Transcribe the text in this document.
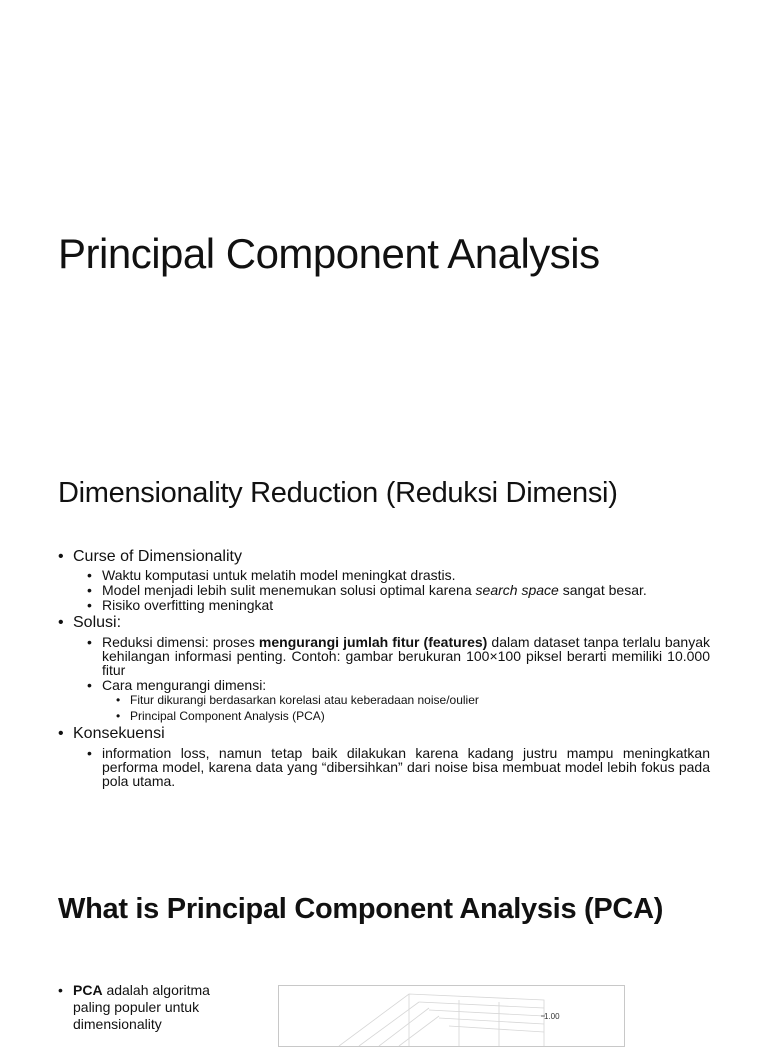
Principal Component Analysis
Dimensionality Reduction (Reduksi Dimensi)
• Curse of Dimensionality
• Waktu komputasi untuk melatih model meningkat drastis.
• Model menjadi lebih sulit menemukan solusi optimal karena search space sangat besar.
• Risiko overfitting meningkat
• Solusi:
• Reduksi dimensi: proses mengurangi jumlah fitur (features) dalam dataset tanpa terlalu banyak kehilangan informasi penting. Contoh: gambar berukuran 100×100 piksel berarti memiliki 10.000 fitur
• Cara mengurangi dimensi:
• Fitur dikurangi berdasarkan korelasi atau keberadaan noise/oulier
• Principal Component Analysis (PCA)
• Konsekuensi
• information loss, namun tetap baik dilakukan karena kadang justru mampu meningkatkan performa model, karena data yang “dibersihkan” dari noise bisa membuat model lebih fokus pada pola utama.
What is Principal Component Analysis (PCA)
• PCA adalah algoritma paling populer untuk dimensionality	1.00
